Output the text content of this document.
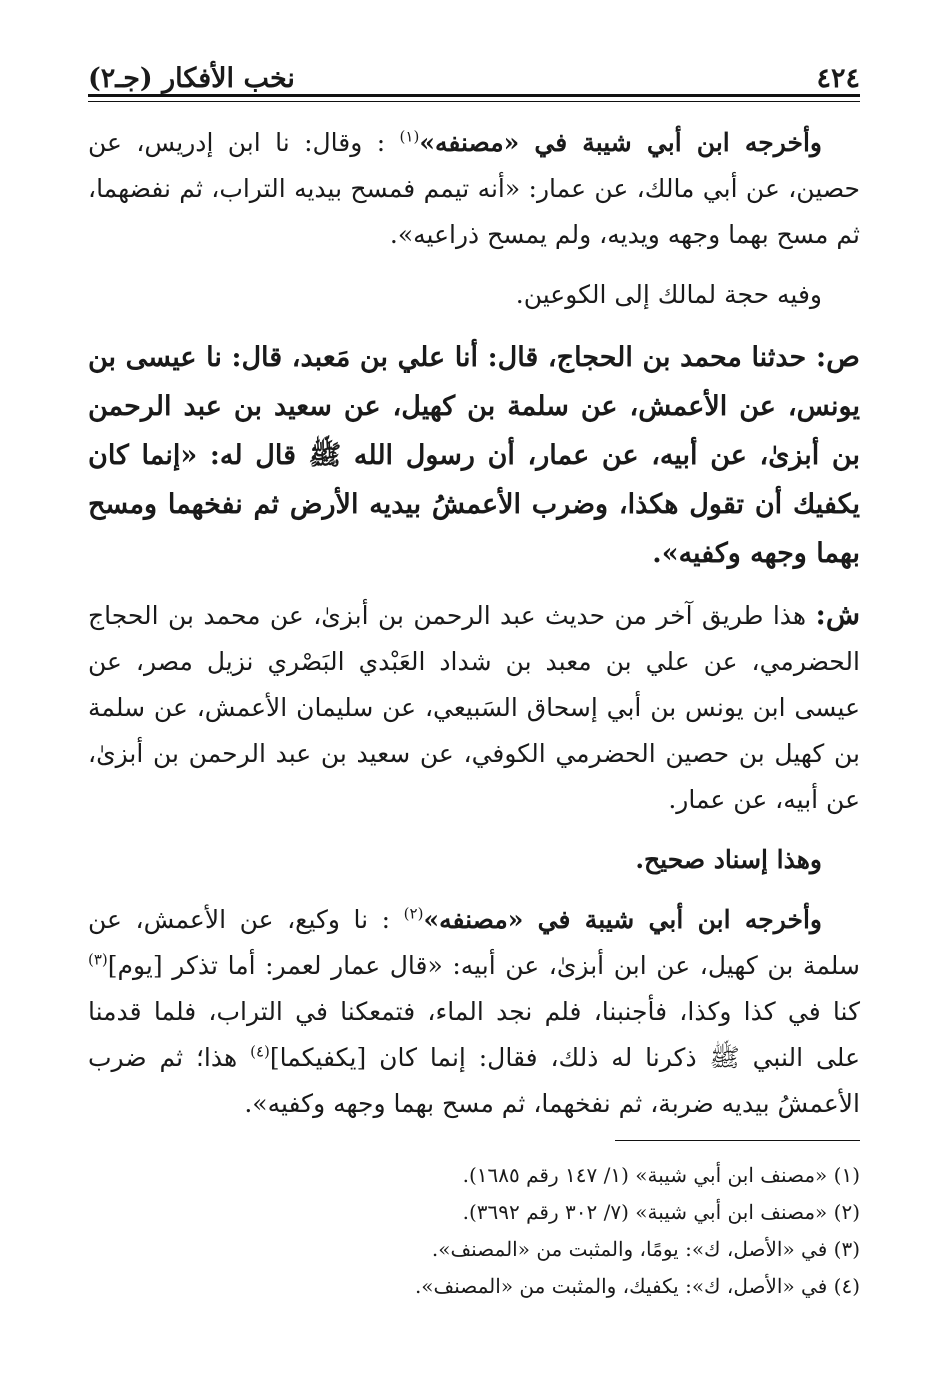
٤٢٤
نخب الأفكار (جـ٢)

وأخرجه ابن أبي شيبة في «مصنفه»$^{(١)}$ : وقال: نا ابن إدريس، عن حصين، عن أبي مالك، عن عمار: «أنه تيمم فمسح بيديه التراب، ثم نفضهما، ثم مسح بهما وجهه ويديه، ولم يمسح ذراعيه».

وفيه حجة لمالك إلى الكوعين.

ص: حدثنا محمد بن الحجاج، قال: أنا علي بن مَعبد، قال: نا عيسى بن يونس، عن الأعمش، عن سلمة بن كهيل، عن سعيد بن عبد الرحمن بن أبزىٰ، عن أبيه، عن عمار، أن رسول الله ﷺ قال له: «إنما كان يكفيك أن تقول هكذا، وضرب الأعمشُ بيديه الأرض ثم نفخهما ومسح بهما وجهه وكفيه».

ش: هذا طريق آخر من حديث عبد الرحمن بن أبزىٰ، عن محمد بن الحجاج الحضرمي، عن علي بن معبد بن شداد العَبْدي البَصْري نزيل مصر، عن عيسى ابن يونس بن أبي إسحاق السَبيعي، عن سليمان الأعمش، عن سلمة بن كهيل بن حصين الحضرمي الكوفي، عن سعيد بن عبد الرحمن بن أبزىٰ، عن أبيه، عن عمار.

وهذا إسناد صحيح.

وأخرجه ابن أبي شيبة في «مصنفه»$^{(٢)}$ : نا وكيع، عن الأعمش، عن سلمة بن كهيل، عن ابن أبزىٰ، عن أبيه: «قال عمار لعمر: أما تذكر [يوم]$^{(٣)}$ كنا في كذا وكذا، فأجنبنا، فلم نجد الماء، فتمعكنا في التراب، فلما قدمنا على النبي ﷺ ذكرنا له ذلك، فقال: إنما كان [يكفيكما]$^{(٤)}$ هذا؛ ثم ضرب الأعمشُ بيديه ضربة، ثم نفخهما، ثم مسح بهما وجهه وكفيه».

(١) «مصنف ابن أبي شيبة» (١/ ١٤٧ رقم ١٦٨٥).

(٢) «مصنف ابن أبي شيبة» (٧/ ٣٠٢ رقم ٣٦٩٢).

(٣) في «الأصل، ك»: يومًا، والمثبت من «المصنف».

(٤) في «الأصل، ك»: يكفيك، والمثبت من «المصنف».
